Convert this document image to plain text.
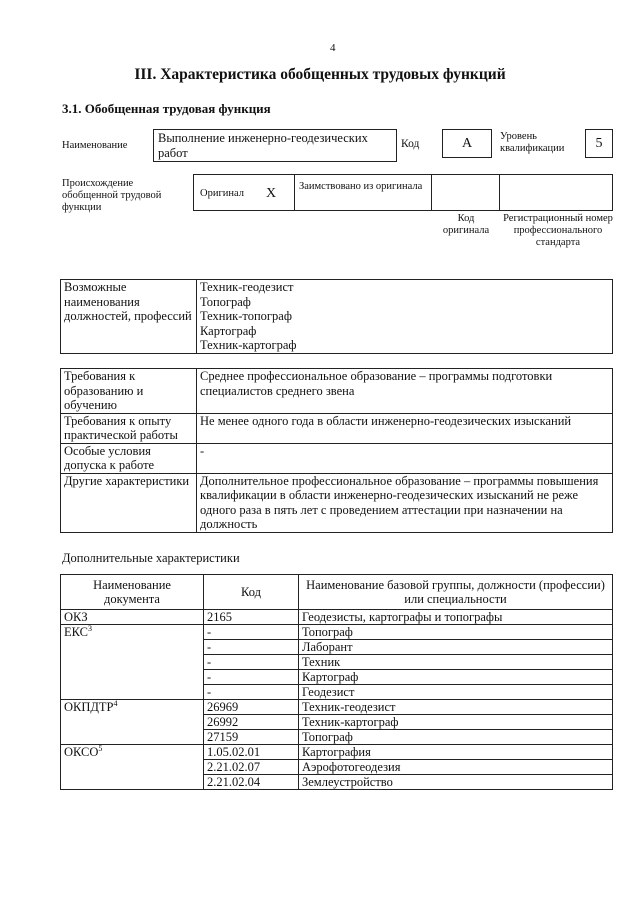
4
III. Характеристика обобщенных трудовых функций
3.1. Обобщенная трудовая функция
Наименование
Выполнение инженерно-геодезических работ
Код	А	Уровень квалификации	5
Происхождение обобщенной трудовой функции
Оригинал Х Заимствовано из оригинала
Код оригинала
Регистрационный номер профессионального стандарта
Возможные наименования должностей, профессий	
Техник-геодезист
Топограф
Техник-топограф
Картограф
Техник-картограф
Требования к образованию и обучению	Среднее профессиональное образование – программы подготовки специалистов среднего звена
Требования к опыту практической работы	Не менее одного года в области инженерно-геодезических изысканий
Особые условия допуска к работе	-
Другие характеристики	Дополнительное профессиональное образование – программы повышения квалификации в области инженерно-геодезических изысканий не реже одного раза в пять лет с проведением аттестации при назначении на должность
Дополнительные характеристики
Наименование документа	Код	Наименование базовой группы, должности (профессии) или специальности
ОКЗ	2165	Геодезисты, картографы и топографы
ЕКС$^3$	-	Топограф
	-	Лаборант
	-	Техник
	-	Картограф
	-	Геодезист
ОКПДТР$^4$	26969	Техник-геодезист
	26992	Техник-картограф
	27159	Топограф
ОКСО$^5$	1.05.02.01	Картография
	2.21.02.07	Аэрофотогеодезия
	2.21.02.04	Землеустройство
